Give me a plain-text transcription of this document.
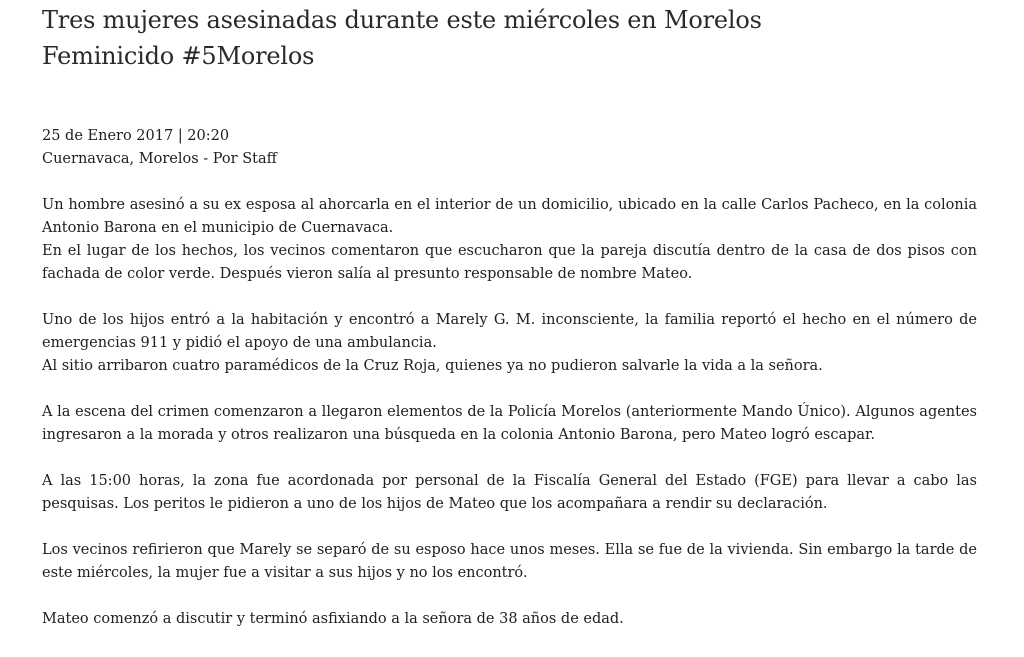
Tres mujeres asesinadas durante este miércoles en Morelos
Feminicido #5Morelos
25 de Enero 2017 | 20:20
Cuernavaca, Morelos - Por Staff

Un hombre asesinó a su ex esposa al ahorcarla en el interior de un domicilio, ubicado en la calle Carlos Pacheco, en la colonia Antonio Barona en el municipio de Cuernavaca.
En el lugar de los hechos, los vecinos comentaron que escucharon que la pareja discutía dentro de la casa de dos pisos con fachada de color verde. Después vieron salía al presunto responsable de nombre Mateo.

Uno de los hijos entró a la habitación y encontró a Marely G. M. inconsciente, la familia reportó el hecho en el número de emergencias 911 y pidió el apoyo de una ambulancia.
Al sitio arribaron cuatro paramédicos de la Cruz Roja, quienes ya no pudieron salvarle la vida a la señora.

A la escena del crimen comenzaron a llegaron elementos de la Policía Morelos (anteriormente Mando Único). Algunos agentes ingresaron a la morada y otros realizaron una búsqueda en la colonia Antonio Barona, pero Mateo logró escapar.

A las 15:00 horas, la zona fue acordonada por personal de la Fiscalía General del Estado (FGE) para llevar a cabo las pesquisas. Los peritos le pidieron a uno de los hijos de Mateo que los acompañara a rendir su declaración.

Los vecinos refirieron que Marely se separó de su esposo hace unos meses. Ella se fue de la vivienda. Sin embargo la tarde de este miércoles, la mujer fue a visitar a sus hijos y no los encontró.

Mateo comenzó a discutir y terminó asfixiando a la señora de 38 años de edad.
